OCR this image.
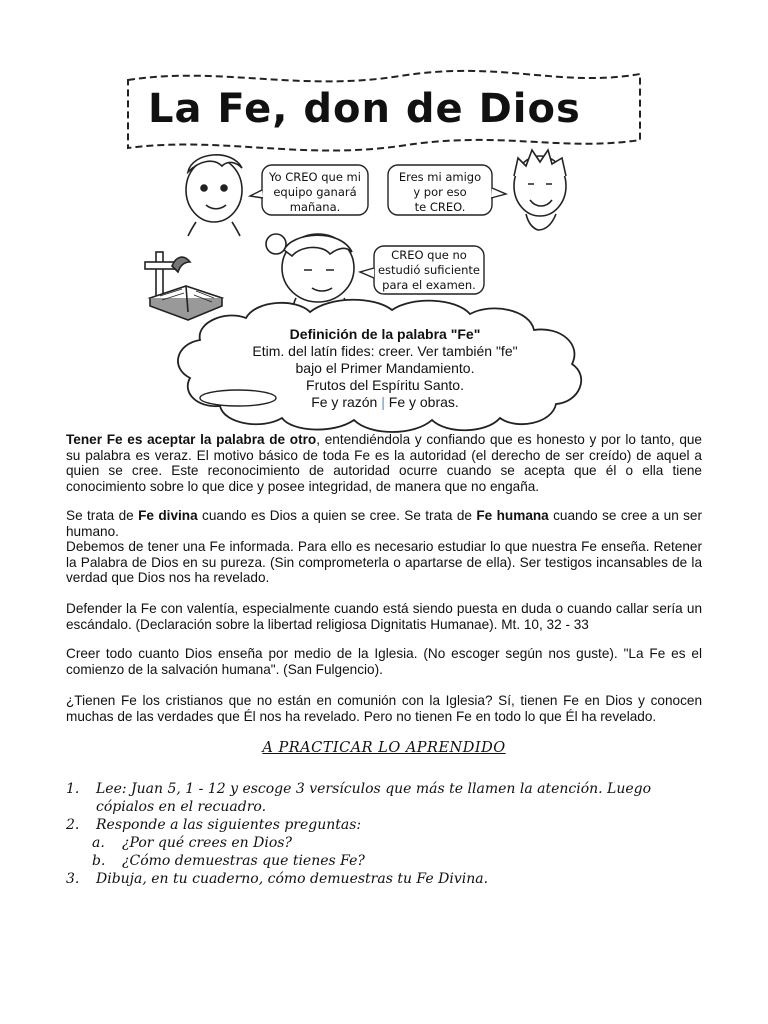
La Fe, don de Dios
Yo CREO que mi
equipo ganará
mañana.
Eres mi amigo
y por eso
te CREO.
CREO que no
estudió suficiente
para el examen.
Definición de la palabra "Fe"
Etim. del latín fides: creer. Ver también "fe"
bajo el Primer Mandamiento.
Frutos del Espíritu Santo.
Fe y razón | Fe y obras.

Tener Fe es aceptar la palabra de otro, entendiéndola y confiando que es honesto y por lo tanto, que su palabra es veraz. El motivo básico de toda Fe es la autoridad (el derecho de ser creído) de aquel a quien se cree. Este reconocimiento de autoridad ocurre cuando se acepta que él o ella tiene conocimiento sobre lo que dice y posee integridad, de manera que no engaña.

Se trata de Fe divina cuando es Dios a quien se cree. Se trata de Fe humana cuando se cree a un ser humano.

Debemos de tener una Fe informada. Para ello es necesario estudiar lo que nuestra Fe enseña. Retener la Palabra de Dios en su pureza. (Sin comprometerla o apartarse de ella). Ser testigos incansables de la verdad que Dios nos ha revelado.

Defender la Fe con valentía, especialmente cuando está siendo puesta en duda o cuando callar sería un escándalo. (Declaración sobre la libertad religiosa Dignitatis Humanae). Mt. 10, 32 - 33
Creer todo cuanto Dios enseña por medio de la Iglesia. (No escoger según nos guste). "La Fe es el comienzo de la salvación humana". (San Fulgencio).
¿Tienen Fe los cristianos que no están en comunión con la Iglesia? Sí, tienen Fe en Dios y conocen muchas de las verdades que Él nos ha revelado. Pero no tienen Fe en todo lo que Él ha revelado.
A PRACTICAR LO APRENDIDO
1.	Lee: Juan 5, 1 - 12 y escoge 3 versículos que más te llamen la atención. Luego cópialos en el recuadro.
2.	Responde a las siguientes preguntas:
a.	¿Por qué crees en Dios?
b.	¿Cómo demuestras que tienes Fe?
3.	Dibuja, en tu cuaderno, cómo demuestras tu Fe Divina.
